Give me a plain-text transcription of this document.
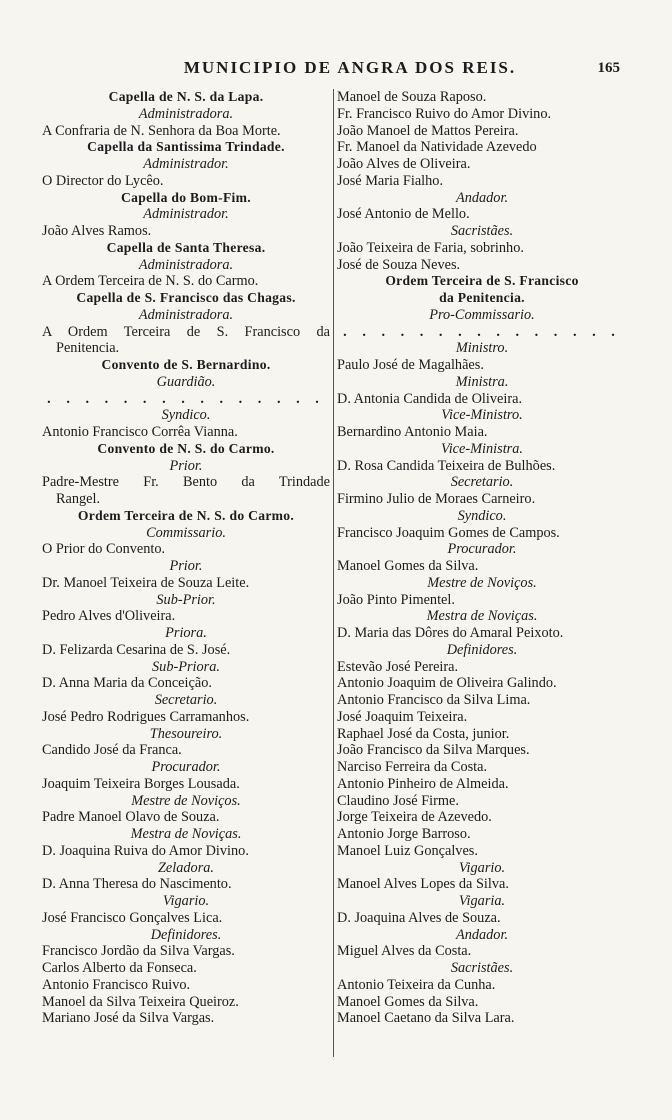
MUNICIPIO DE ANGRA DOS REIS.	165
Capella de N. S. da Lapa.
Administradora.
A Confraria de N. Senhora da Boa Morte.
Capella da Santissima Trindade.
Administrador.
O Director do Lycêo.
Capella do Bom-Fim.
Administrador.
João Alves Ramos.
Capella de Santa Theresa.
Administradora.
A Ordem Terceira de N. S. do Carmo.
Capella de S. Francisco das Chagas.
Administradora.
A Ordem Terceira de S. Francisco da
Penitencia.
Convento de S. Bernardino.
Guardião.
. . . . . . . . . . . . . . .
Syndico.
Antonio Francisco Corrêa Vianna.
Convento de N. S. do Carmo.
Prior.
Padre-Mestre Fr. Bento da Trindade
Rangel.
Ordem Terceira de N. S. do Carmo.
Commissario.
O Prior do Convento.
Prior.
Dr. Manoel Teixeira de Souza Leite.
Sub-Prior.
Pedro Alves d'Oliveira.
Priora.
D. Felizarda Cesarina de S. José.
Sub-Priora.
D. Anna Maria da Conceição.
Secretario.
José Pedro Rodrigues Carramanhos.
Thesoureiro.
Candido José da Franca.
Procurador.
Joaquim Teixeira Borges Lousada.
Mestre de Noviços.
Padre Manoel Olavo de Souza.
Mestra de Noviças.
D. Joaquina Ruiva do Amor Divino.
Zeladora.
D. Anna Theresa do Nascimento.
Vigario.
José Francisco Gonçalves Lica.
Definidores.
Francisco Jordão da Silva Vargas.
Carlos Alberto da Fonseca.
Antonio Francisco Ruivo.
Manoel da Silva Teixeira Queiroz.
Mariano José da Silva Vargas.
Manoel de Souza Raposo.
Fr. Francisco Ruivo do Amor Divino.
João Manoel de Mattos Pereira.
Fr. Manoel da Natividade Azevedo
João Alves de Oliveira.
José Maria Fialho.
Andador.
José Antonio de Mello.
Sacristães.
João Teixeira de Faria, sobrinho.
José de Souza Neves.
Ordem Terceira de S. Francisco
da Penitencia.
Pro-Commissario.
. . . . . . . . . . . . . . .
Ministro.
Paulo José de Magalhães.
Ministra.
D. Antonia Candida de Oliveira.
Vice-Ministro.
Bernardino Antonio Maia.
Vice-Ministra.
D. Rosa Candida Teixeira de Bulhões.
Secretario.
Firmino Julio de Moraes Carneiro.
Syndico.
Francisco Joaquim Gomes de Campos.
Procurador.
Manoel Gomes da Silva.
Mestre de Noviços.
João Pinto Pimentel.
Mestra de Noviças.
D. Maria das Dôres do Amaral Peixoto.
Definidores.
Estevão José Pereira.
Antonio Joaquim de Oliveira Galindo.
Antonio Francisco da Silva Lima.
José Joaquim Teixeira.
Raphael José da Costa, junior.
João Francisco da Silva Marques.
Narciso Ferreira da Costa.
Antonio Pinheiro de Almeida.
Claudino José Firme.
Jorge Teixeira de Azevedo.
Antonio Jorge Barroso.
Manoel Luiz Gonçalves.
Vigario.
Manoel Alves Lopes da Silva.
Vigaria.
D. Joaquina Alves de Souza.
Andador.
Miguel Alves da Costa.
Sacristães.
Antonio Teixeira da Cunha.
Manoel Gomes da Silva.
Manoel Caetano da Silva Lara.
